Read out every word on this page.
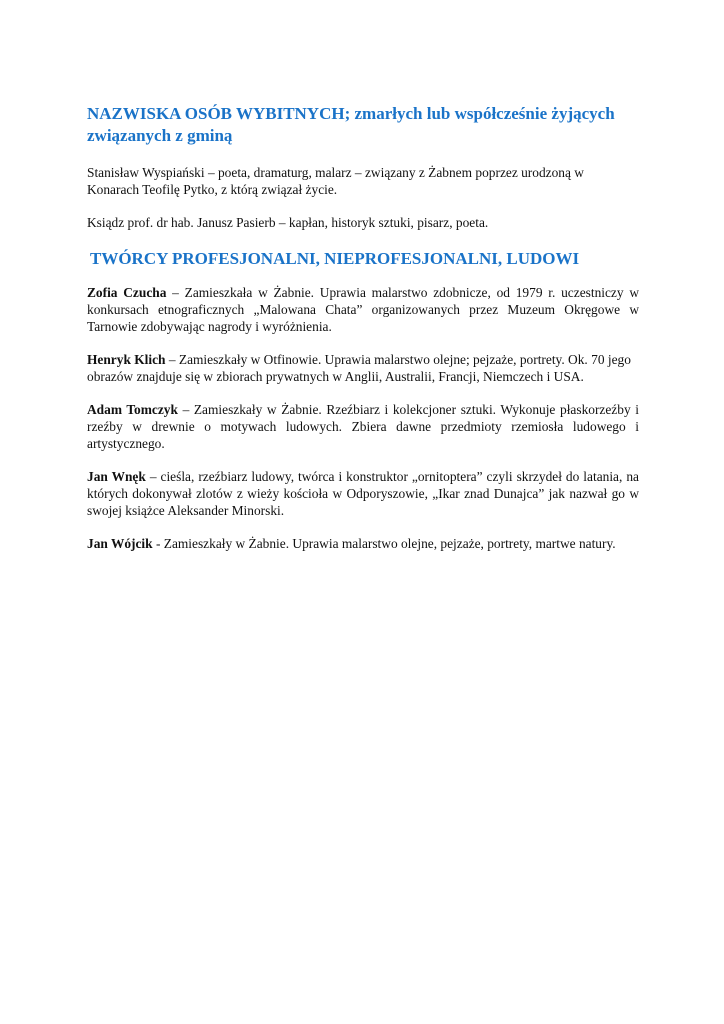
NAZWISKA OSÓB WYBITNYCH; zmarłych lub współcześnie żyjących związanych z gminą

Stanisław Wyspiański – poeta, dramaturg, malarz – związany z Żabnem poprzez urodzoną w Konarach Teofilę Pytko, z którą związał życie.

Ksiądz prof. dr hab. Janusz Pasierb – kapłan, historyk sztuki, pisarz, poeta.

TWÓRCY PROFESJONALNI, NIEPROFESJONALNI, LUDOWI

Zofia Czucha – Zamieszkała w Żabnie. Uprawia malarstwo zdobnicze, od 1979 r. uczestniczy w konkursach etnograficznych „Malowana Chata” organizowanych przez Muzeum Okręgowe w Tarnowie zdobywając nagrody i wyróżnienia.

Henryk Klich – Zamieszkały w Otfinowie. Uprawia malarstwo olejne; pejzaże, portrety. Ok. 70 jego obrazów znajduje się w zbiorach prywatnych w Anglii, Australii, Francji, Niemczech i USA.

Adam Tomczyk – Zamieszkały w Żabnie. Rzeźbiarz i kolekcjoner sztuki. Wykonuje płaskorzeźby i rzeźby w drewnie o motywach ludowych. Zbiera dawne przedmioty rzemiosła ludowego i artystycznego.

Jan Wnęk – cieśla, rzeźbiarz ludowy, twórca i konstruktor „ornitoptera” czyli skrzydeł do latania, na których dokonywał zlotów z wieży kościoła w Odporyszowie, „Ikar znad Dunajca” jak nazwał go w swojej książce Aleksander Minorski.

Jan Wójcik - Zamieszkały w Żabnie. Uprawia malarstwo olejne, pejzaże, portrety, martwe natury.
